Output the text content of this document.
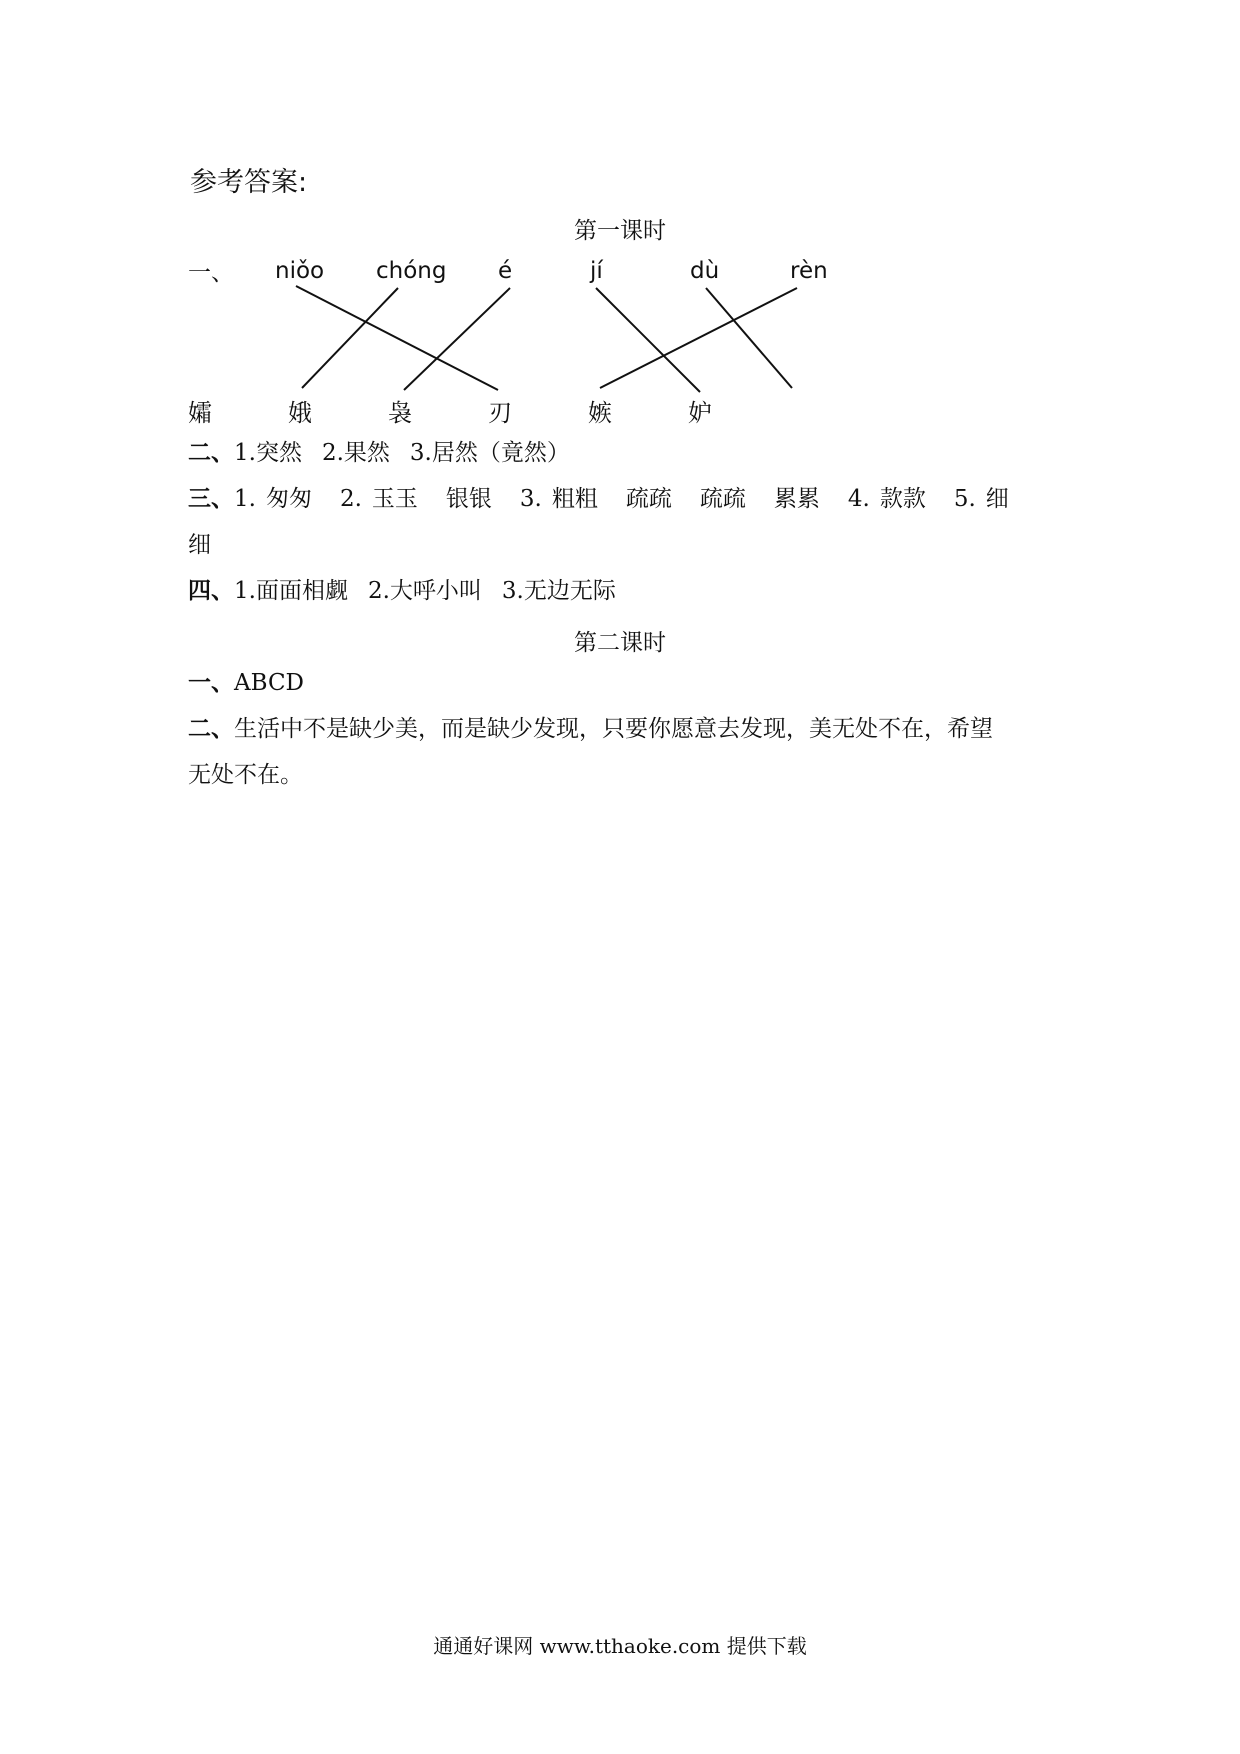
参考答案:
第一课时
一、 niǒo chóng é	jí	dù	rèn
孀	娥	袅	刃	嫉	妒
二、1.突然 2.果然 3.居然（竟然）
三、1. 匆匆 2. 玉玉 银银 3. 粗粗 疏疏 疏疏 累累 4. 款款 5. 细
细
四、1.面面相觑 2.大呼小叫 3.无边无际
第二课时
一、ABCD
二、生活中不是缺少美，而是缺少发现，只要你愿意去发现，美无处不在，希望
无处不在。
通通好课网 www.tthaoke.com 提供下载
